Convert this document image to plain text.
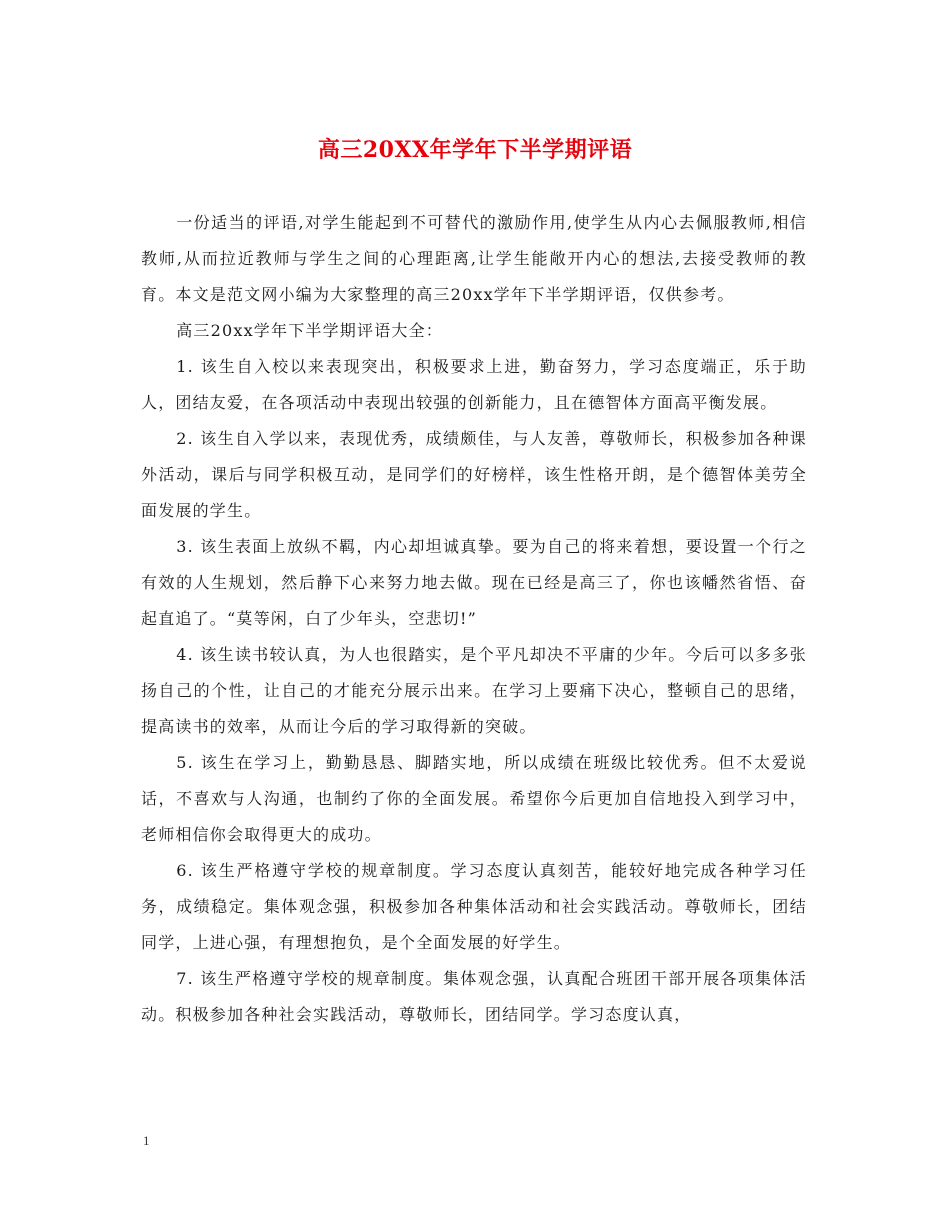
高三20XX年学年下半学期评语

一份适当的评语,对学生能起到不可替代的激励作用,使学生从内心去佩服教师,相信教师,从而拉近教师与学生之间的心理距离,让学生能敞开内心的想法,去接受教师的教育。本文是范文网小编为大家整理的高三20xx学年下半学期评语，仅供参考。

高三20xx学年下半学期评语大全：

1. 该生自入校以来表现突出，积极要求上进，勤奋努力，学习态度端正，乐于助人，团结友爱，在各项活动中表现出较强的创新能力，且在德智体方面高平衡发展。

2. 该生自入学以来，表现优秀，成绩颇佳，与人友善，尊敬师长，积极参加各种课外活动，课后与同学积极互动，是同学们的好榜样，该生性格开朗，是个德智体美劳全面发展的学生。

3. 该生表面上放纵不羁，内心却坦诚真挚。要为自己的将来着想，要设置一个行之有效的人生规划，然后静下心来努力地去做。现在已经是高三了，你也该幡然省悟、奋起直追了。“莫等闲，白了少年头，空悲切!”

4. 该生读书较认真，为人也很踏实，是个平凡却决不平庸的少年。今后可以多多张扬自己的个性，让自己的才能充分展示出来。在学习上要痛下决心，整顿自己的思绪，提高读书的效率，从而让今后的学习取得新的突破。

5. 该生在学习上，勤勤恳恳、脚踏实地，所以成绩在班级比较优秀。但不太爱说话，不喜欢与人沟通，也制约了你的全面发展。希望你今后更加自信地投入到学习中，老师相信你会取得更大的成功。

6. 该生严格遵守学校的规章制度。学习态度认真刻苦，能较好地完成各种学习任务，成绩稳定。集体观念强，积极参加各种集体活动和社会实践活动。尊敬师长，团结同学，上进心强，有理想抱负，是个全面发展的好学生。

7. 该生严格遵守学校的规章制度。集体观念强，认真配合班团干部开展各项集体活动。积极参加各种社会实践活动，尊敬师长，团结同学。学习态度认真，

1
